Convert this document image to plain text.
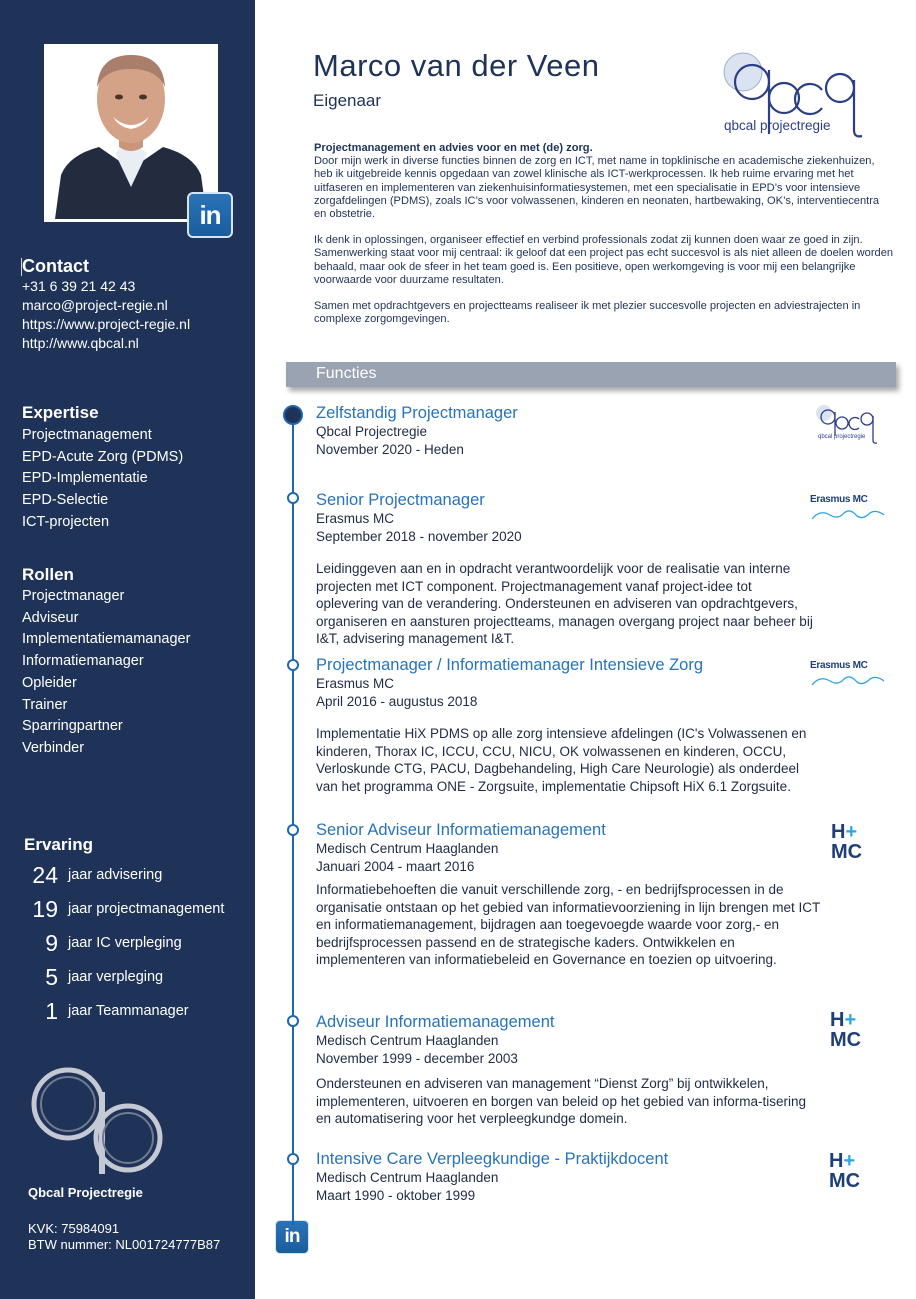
in
Contact
+31 6 39 21 42 43
marco@project-regie.nl
https://www.project-regie.nl
http://www.qbcal.nl
Expertise
Projectmanagement
EPD-Acute Zorg (PDMS)
EPD-Implementatie
EPD-Selectie
ICT-projecten
Rollen
Projectmanager
Adviseur
Implementatiemamanager
Informatiemanager
Opleider
Trainer
Sparringpartner
Verbinder
Ervaring
24 jaar advisering
19 jaar projectmanagement
9 jaar IC verpleging
5 jaar verpleging
1 jaar Teammanager
Qbcal Projectregie
KVK: 75984091
BTW nummer: NL001724777B87	in
Marco van der Veen
Eigenaar
qbcal projectregie
Projectmanagement en advies voor en met (de) zorg.

Door mijn werk in diverse functies binnen de zorg en ICT, met name in topklinische en academische ziekenhuizen, heb ik uitgebreide kennis opgedaan van zowel klinische als ICT-werkprocessen. Ik heb ruime ervaring met het uitfaseren en implementeren van ziekenhuisinformatiesystemen, met een specialisatie in EPD’s voor intensieve zorgafdelingen (PDMS), zoals IC’s voor volwassenen, kinderen en neonaten, hartbewaking, OK’s, interventiecentra en obstetrie.

Ik denk in oplossingen, organiseer effectief en verbind professionals zodat zij kunnen doen waar ze goed in zijn. Samenwerking staat voor mij centraal: ik geloof dat een project pas echt succesvol is als niet alleen de doelen worden behaald, maar ook de sfeer in het team goed is. Een positieve, open werkomgeving is voor mij een belangrijke voorwaarde voor duurzame resultaten.

Samen met opdrachtgevers en projectteams realiseer ik met plezier succesvolle projecten en adviestrajecten in complexe zorgomgevingen.

Functies
Zelfstandig Projectmanager
Qbcal Projectregie
November 2020 - Heden
qbcal projectregie
Senior Projectmanager
Erasmus MC
September 2018 - november 2020
Leidinggeven aan en in opdracht verantwoordelijk voor de realisatie van interne projecten met ICT component. Projectmanagement vanaf project-idee tot oplevering van de verandering. Ondersteunen en adviseren van opdrachtgevers, organiseren en aansturen projectteams, managen overgang project naar beheer bij I&T, advisering management I&T.
Erasmus MC
Projectmanager / Informatiemanager Intensieve Zorg
Erasmus MC
April 2016 - augustus 2018
Implementatie HiX PDMS op alle zorg intensieve afdelingen (IC's Volwassenen en kinderen, Thorax IC, ICCU, CCU, NICU, OK volwassenen en kinderen, OCCU, Verloskunde CTG, PACU, Dagbehandeling, High Care Neurologie) als onderdeel van het programma ONE - Zorgsuite, implementatie Chipsoft HiX 6.1 Zorgsuite.
Erasmus MC
Senior Adviseur Informatiemanagement
Medisch Centrum Haaglanden
Januari 2004 - maart 2016
Informatiebehoeften die vanuit verschillende zorg, - en bedrijfsprocessen in de organisatie ontstaan op het gebied van informatievoorziening in lijn brengen met ICT en informatiemanagement, bijdragen aan toegevoegde waarde voor zorg,- en bedrijfsprocessen passend en de strategische kaders. Ontwikkelen en implementeren van informatiebeleid en Governance en toezien op uitvoering.
H+
MC
Adviseur Informatiemanagement
Medisch Centrum Haaglanden
November 1999 - december 2003
Ondersteunen en adviseren van management “Dienst Zorg” bij ontwikkelen, implementeren, uitvoeren en borgen van beleid op het gebied van informa-tisering en automatisering voor het verpleegkundge domein.
H+
MC
Intensive Care Verpleegkundige - Praktijkdocent
Medisch Centrum Haaglanden
Maart 1990 - oktober 1999
H+
MC
